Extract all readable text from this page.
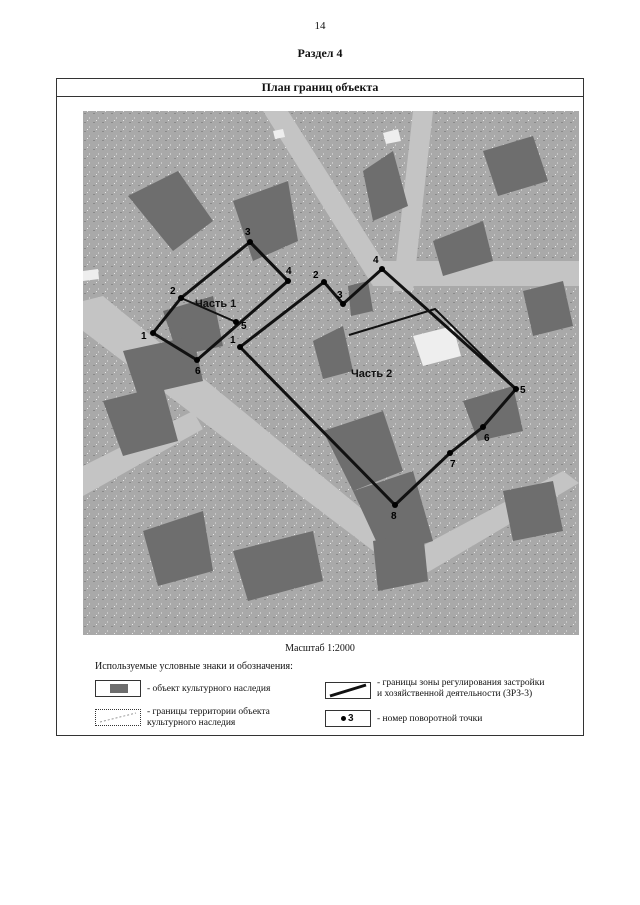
14
Раздел 4
План границ объекта
1
2
3
4
5
6
1
2
3
4
5
6
7
8
Часть 1
Часть 2
Масштаб 1:2000
Используемые условные знаки и обозначения:
- объект культурного наследия
- границы территории объекта
культурного наследия
- границы зоны регулирования застройки
и хозяйственной деятельности (ЗРЗ-3)
3 - номер поворотной точки
